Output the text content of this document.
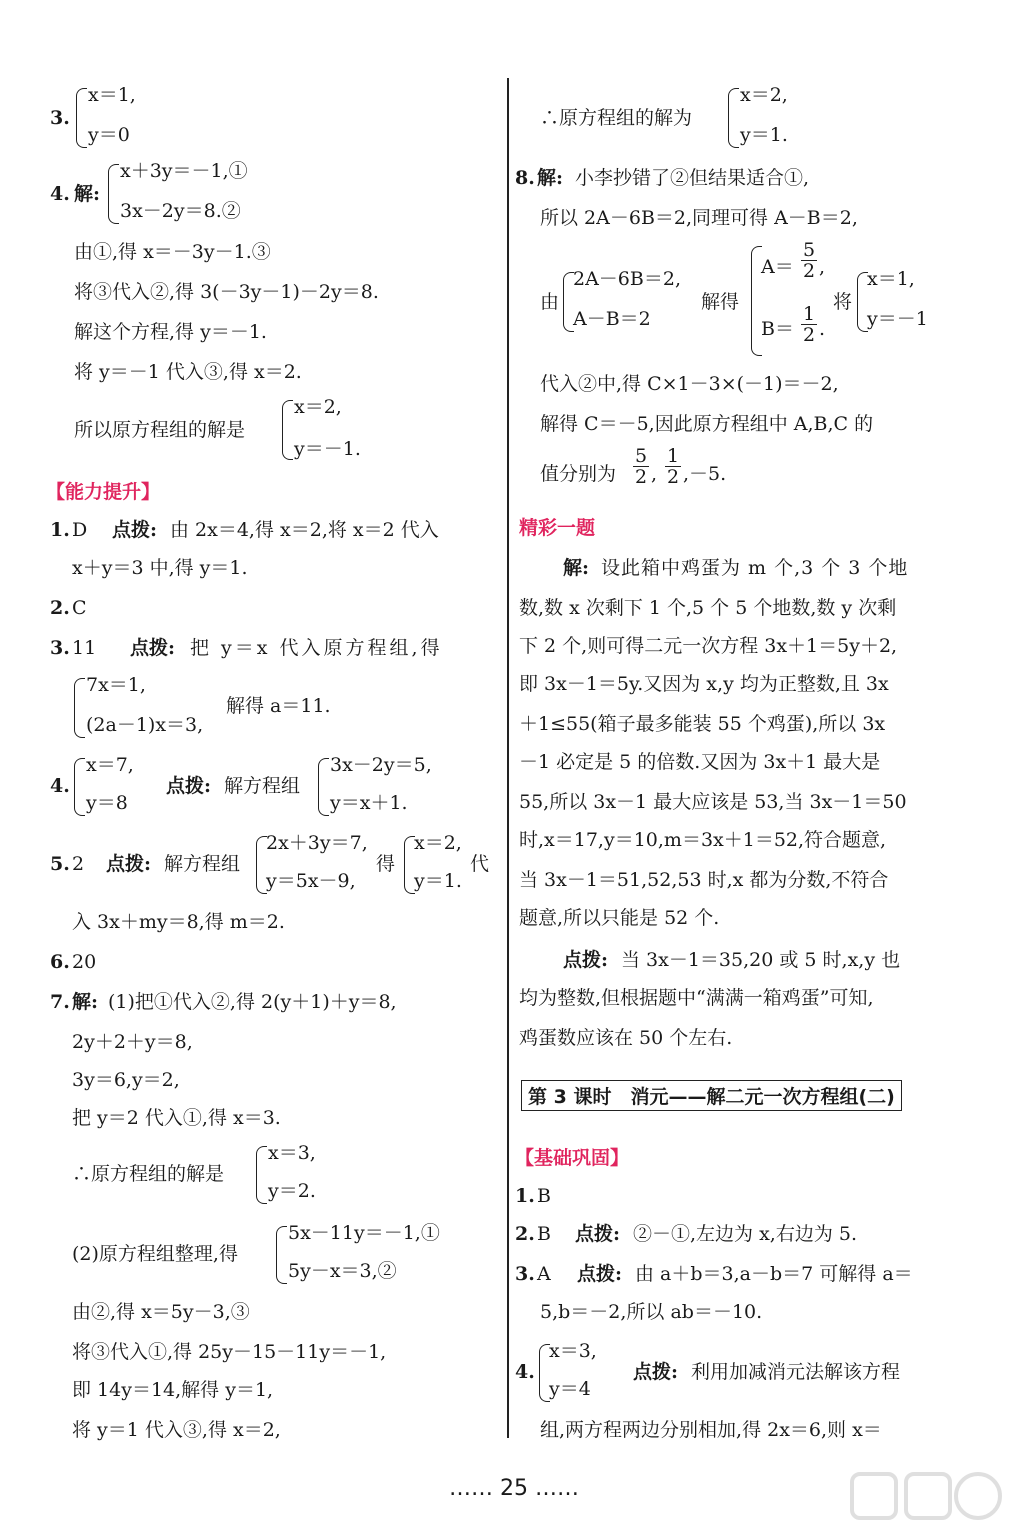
3.
x＝1,
y＝0
4. 解:
x＋3y＝－1,①
3x－2y＝8.②
由①,得 x＝－3y－1.③
将③代入②,得 3(－3y－1)－2y＝8.
解这个方程,得 y＝－1.
将 y＝－1 代入③,得 x＝2.
所以原方程组的解是
x＝2,
y＝－1.
【能力提升】
1. D 点拨: 由 2x＝4,得 x＝2,将 x＝2 代入
x＋y＝3 中,得 y＝1.
2. C
3. 11 点拨: 把 y＝x 代入原方程组,得
7x＝1,
(2a－1)x＝3,
解得 a＝11.
4.
x＝7,
y＝8
点拨: 解方程组
3x－2y＝5,
y＝x＋1.
5. 2 点拨: 解方程组
2x＋3y＝7,
y＝5x－9,
得
x＝2,
y＝1.
代
入 3x＋my＝8,得 m＝2.
6. 20
7. 解: (1)把①代入②,得 2(y＋1)＋y＝8,
2y＋2＋y＝8,
3y＝6,y＝2,
把 y＝2 代入①,得 x＝3.
∴原方程组的解是
x＝3,
y＝2.
(2)原方程组整理,得
5x－11y＝－1,①
5y－x＝3,②
由②,得 x＝5y－3,③
将③代入①,得 25y－15－11y＝－1,
即 14y＝14,解得 y＝1,
将 y＝1 代入③,得 x＝2,
∴原方程组的解为
x＝2,
y＝1.
8. 解: 小李抄错了②但结果适合①,
所以 2A－6B＝2,同理可得 A－B＝2,
由
2A－6B＝2,
A－B＝2
解得
$A= \frac{5}{2}$ ,
$B= \frac{1}{2}$ .
将
x＝1,
y＝－1
代入②中,得 C×1－3×(－1)＝－2,
解得 C＝－5,因此原方程组中 A,B,C 的
值分别为 $\frac{5}{2}$ , $\frac{1}{2} ,-5$.
精彩一题
解: 设此箱中鸡蛋为 m 个,3 个 3 个地
数,数 x 次剩下 1 个,5 个 5 个地数,数 y 次剩
下 2 个,则可得二元一次方程 3x＋1＝5y＋2,
即 3x－1＝5y.又因为 x,y 均为正整数,且 3x
＋1≤55(箱子最多能装 55 个鸡蛋),所以 3x
－1 必定是 5 的倍数.又因为 3x＋1 最大是
55,所以 3x－1 最大应该是 53,当 3x－1＝50
时,x＝17,y＝10,m＝3x＋1＝52,符合题意,
当 3x－1＝51,52,53 时,x 都为分数,不符合
题意,所以只能是 52 个.
点拨: 当 3x－1＝35,20 或 5 时,x,y 也
均为整数,但根据题中“满满一箱鸡蛋”可知,
鸡蛋数应该在 50 个左右.
第 3 课时　消元——解二元一次方程组(二)
【基础巩固】
1. B
2. B 点拨: ②－①,左边为 x,右边为 5.
3. A 点拨: 由 a＋b＝3,a－b＝7 可解得 a＝
5,b＝－2,所以 ab＝－10.
4.
x＝3,
y＝4
点拨: 利用加减消元法解该方程
组,两方程两边分别相加,得 2x＝6,则 x＝
…… 25 ……
